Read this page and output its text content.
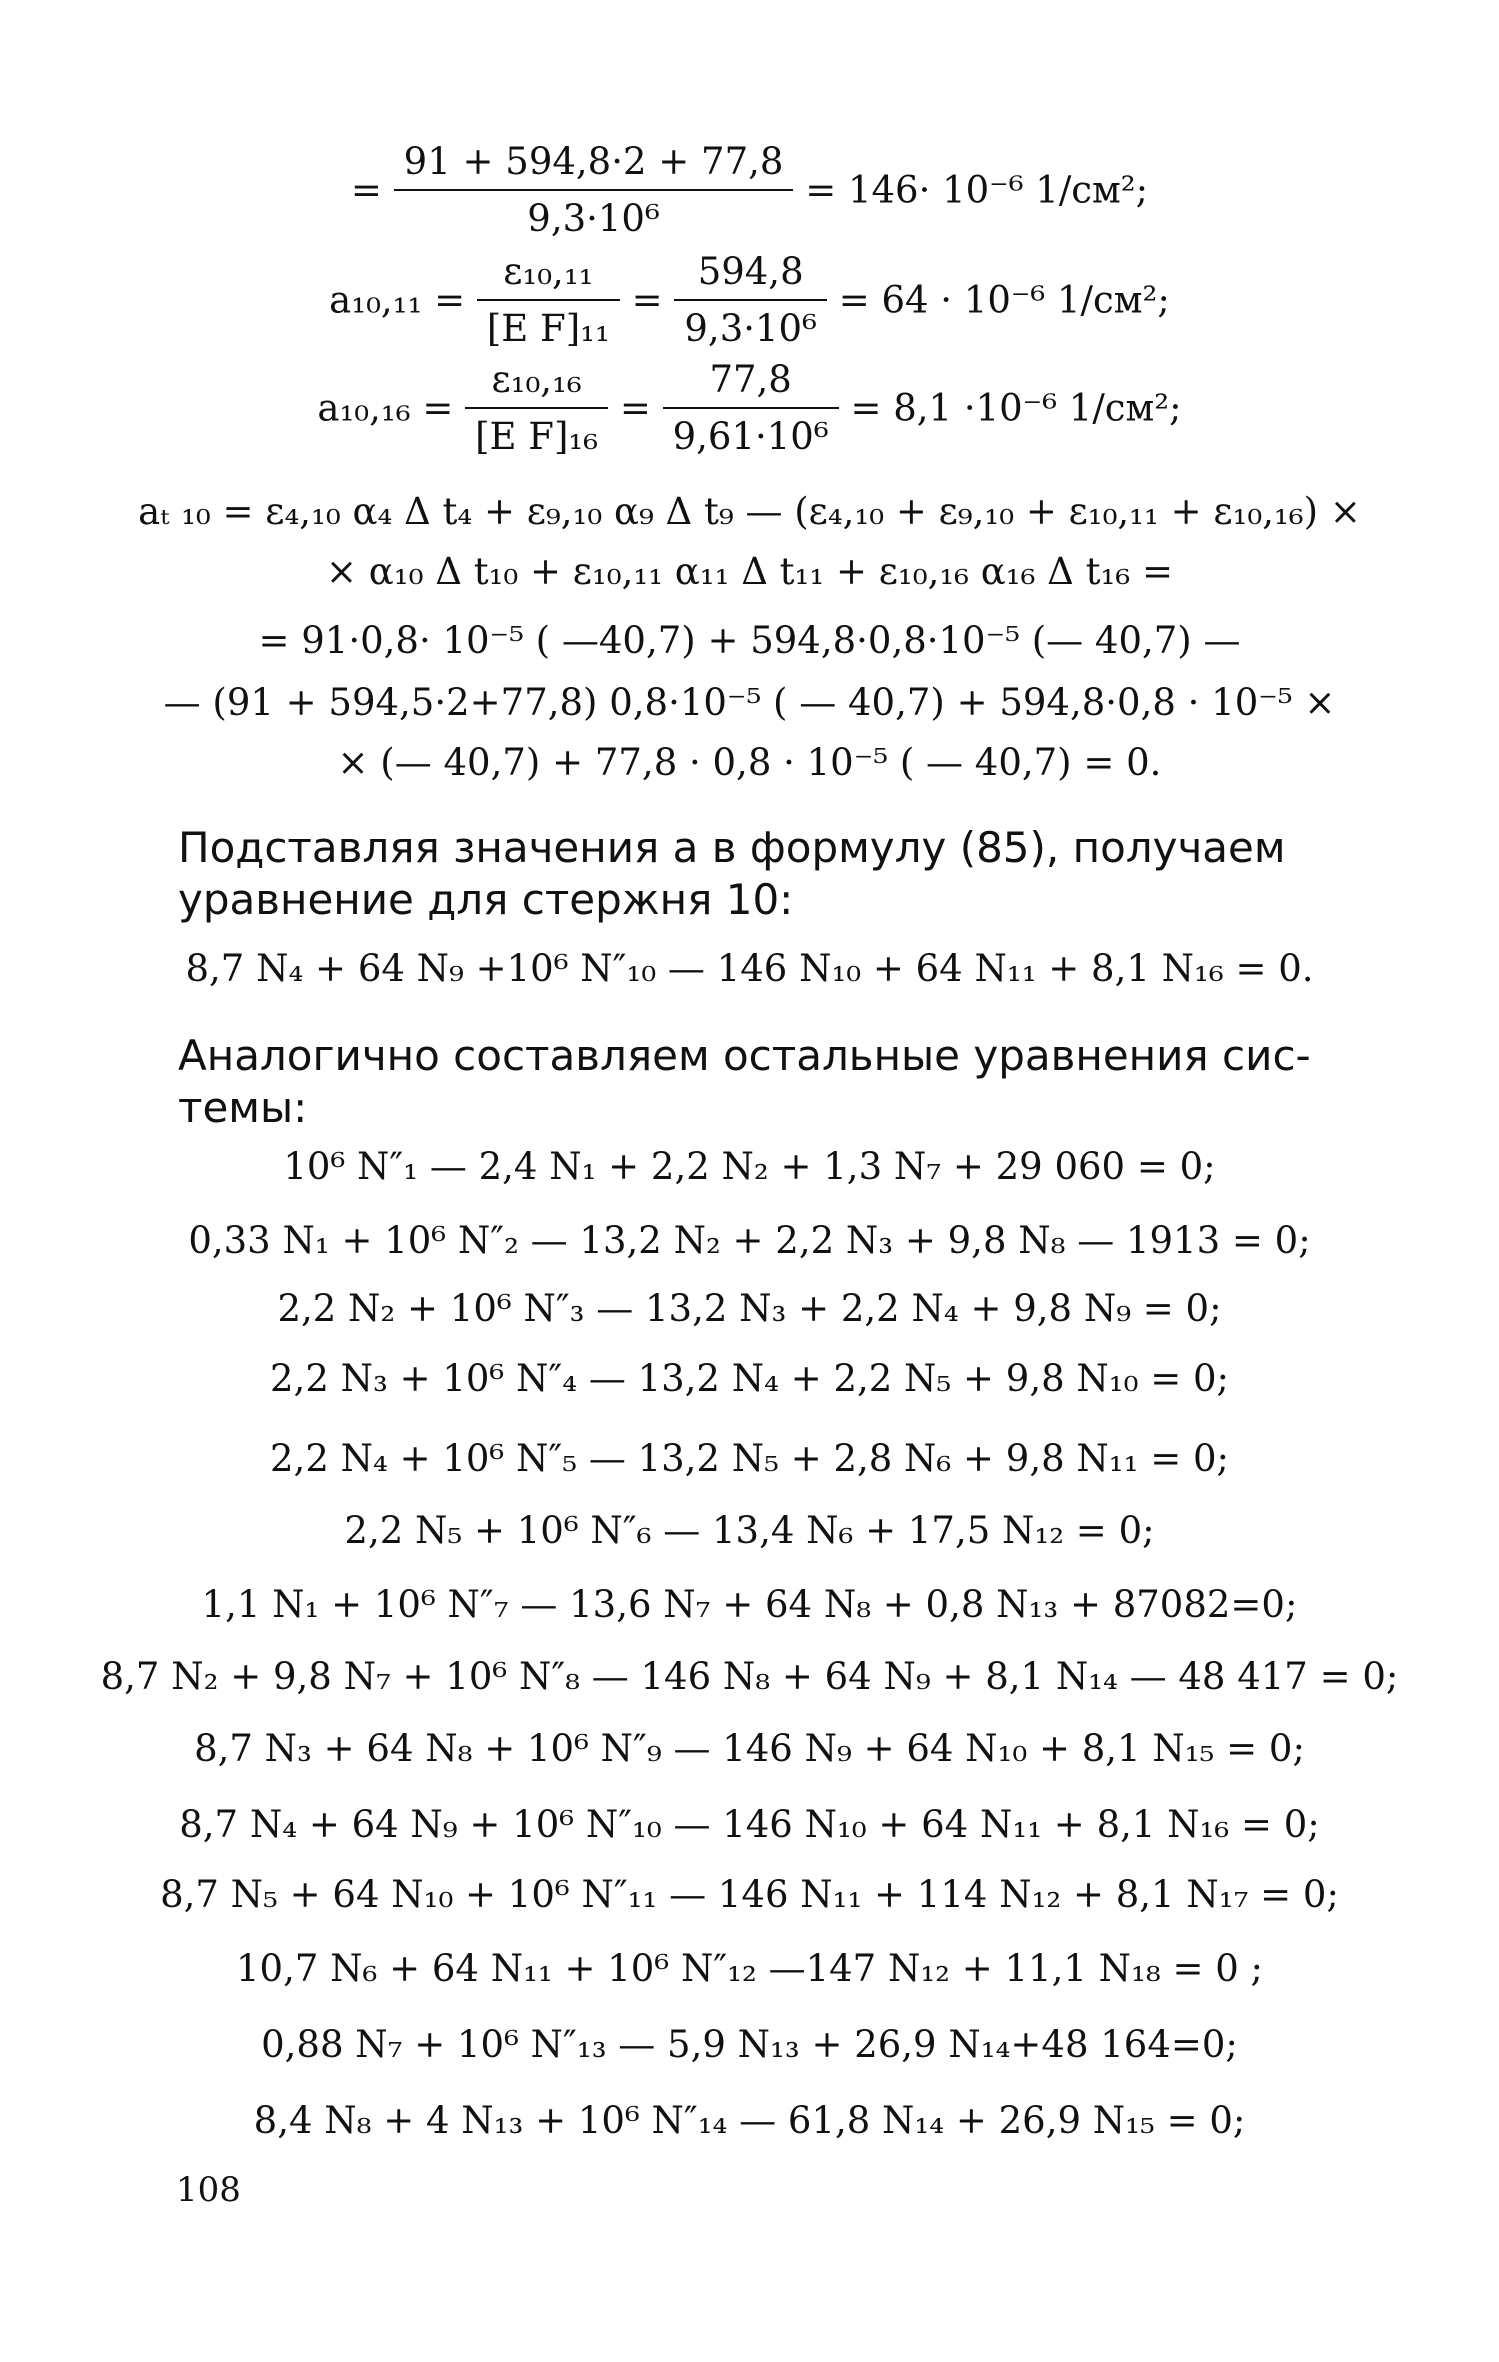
= $\frac{91 + 594,8\cdot 2 + 77,8}{\text{9,3·10⁶}} = 146\cdot 10^{-6}$ 1/см²;
$a_{10},_{11} = \frac{\text{ε₁₀,₁₁}}{\text{[E F]₁₁}} = \frac{594,8}{\text{9,3·10⁶}} = 64 \cdot 10^{-6}$ 1/см²;
$a_{10},_{16} = \frac{\text{ε₁₀,₁₆}}{\text{[E F]₁₆}} = \frac{77,8}{\text{9,61·10⁶}} = 8,1 \cdot 10^{-6}$ 1/см²;
aₜ ₁₀ = ε₄,₁₀ α₄ Δ t₄ + ε₉,₁₀ α₉ Δ t₉ — (ε₄,₁₀ + ε₉,₁₀ + ε₁₀,₁₁ + ε₁₀,₁₆) ×
× α₁₀ Δ t₁₀ + ε₁₀,₁₁ α₁₁ Δ t₁₁ + ε₁₀,₁₆ α₁₆ Δ t₁₆ =
= 91·0,8· 10⁻⁵ ( —40,7) + 594,8·0,8·10⁻⁵ (— 40,7) —
— (91 + 594,5·2+77,8) 0,8·10⁻⁵ ( — 40,7) + 594,8·0,8 · 10⁻⁵ ×
× (— 40,7) + 77,8 · 0,8 · 10⁻⁵ ( — 40,7) = 0.
Подставляя значения a в формулу (85), получаем
уравнение для стержня 10:
8,7 N₄ + 64 N₉ +10⁶ N″₁₀ — 146 N₁₀ + 64 N₁₁ + 8,1 N₁₆ = 0.
Аналогично составляем остальные уравнения сис-
темы:
10⁶ N″₁ — 2,4 N₁ + 2,2 N₂ + 1,3 N₇ + 29 060 = 0;
0,33 N₁ + 10⁶ N″₂ — 13,2 N₂ + 2,2 N₃ + 9,8 N₈ — 1913 = 0;
2,2 N₂ + 10⁶ N″₃ — 13,2 N₃ + 2,2 N₄ + 9,8 N₉ = 0;
2,2 N₃ + 10⁶ N″₄ — 13,2 N₄ + 2,2 N₅ + 9,8 N₁₀ = 0;
2,2 N₄ + 10⁶ N″₅ — 13,2 N₅ + 2,8 N₆ + 9,8 N₁₁ = 0;
2,2 N₅ + 10⁶ N″₆ — 13,4 N₆ + 17,5 N₁₂ = 0;
1,1 N₁ + 10⁶ N″₇ — 13,6 N₇ + 64 N₈ + 0,8 N₁₃ + 87082=0;
8,7 N₂ + 9,8 N₇ + 10⁶ N″₈ — 146 N₈ + 64 N₉ + 8,1 N₁₄ — 48 417 = 0;
8,7 N₃ + 64 N₈ + 10⁶ N″₉ — 146 N₉ + 64 N₁₀ + 8,1 N₁₅ = 0;
8,7 N₄ + 64 N₉ + 10⁶ N″₁₀ — 146 N₁₀ + 64 N₁₁ + 8,1 N₁₆ = 0;
8,7 N₅ + 64 N₁₀ + 10⁶ N″₁₁ — 146 N₁₁ + 114 N₁₂ + 8,1 N₁₇ = 0;
10,7 N₆ + 64 N₁₁ + 10⁶ N″₁₂ —147 N₁₂ + 11,1 N₁₈ = 0 ;
0,88 N₇ + 10⁶ N″₁₃ — 5,9 N₁₃ + 26,9 N₁₄+48 164=0;
8,4 N₈ + 4 N₁₃ + 10⁶ N″₁₄ — 61,8 N₁₄ + 26,9 N₁₅ = 0;
108
